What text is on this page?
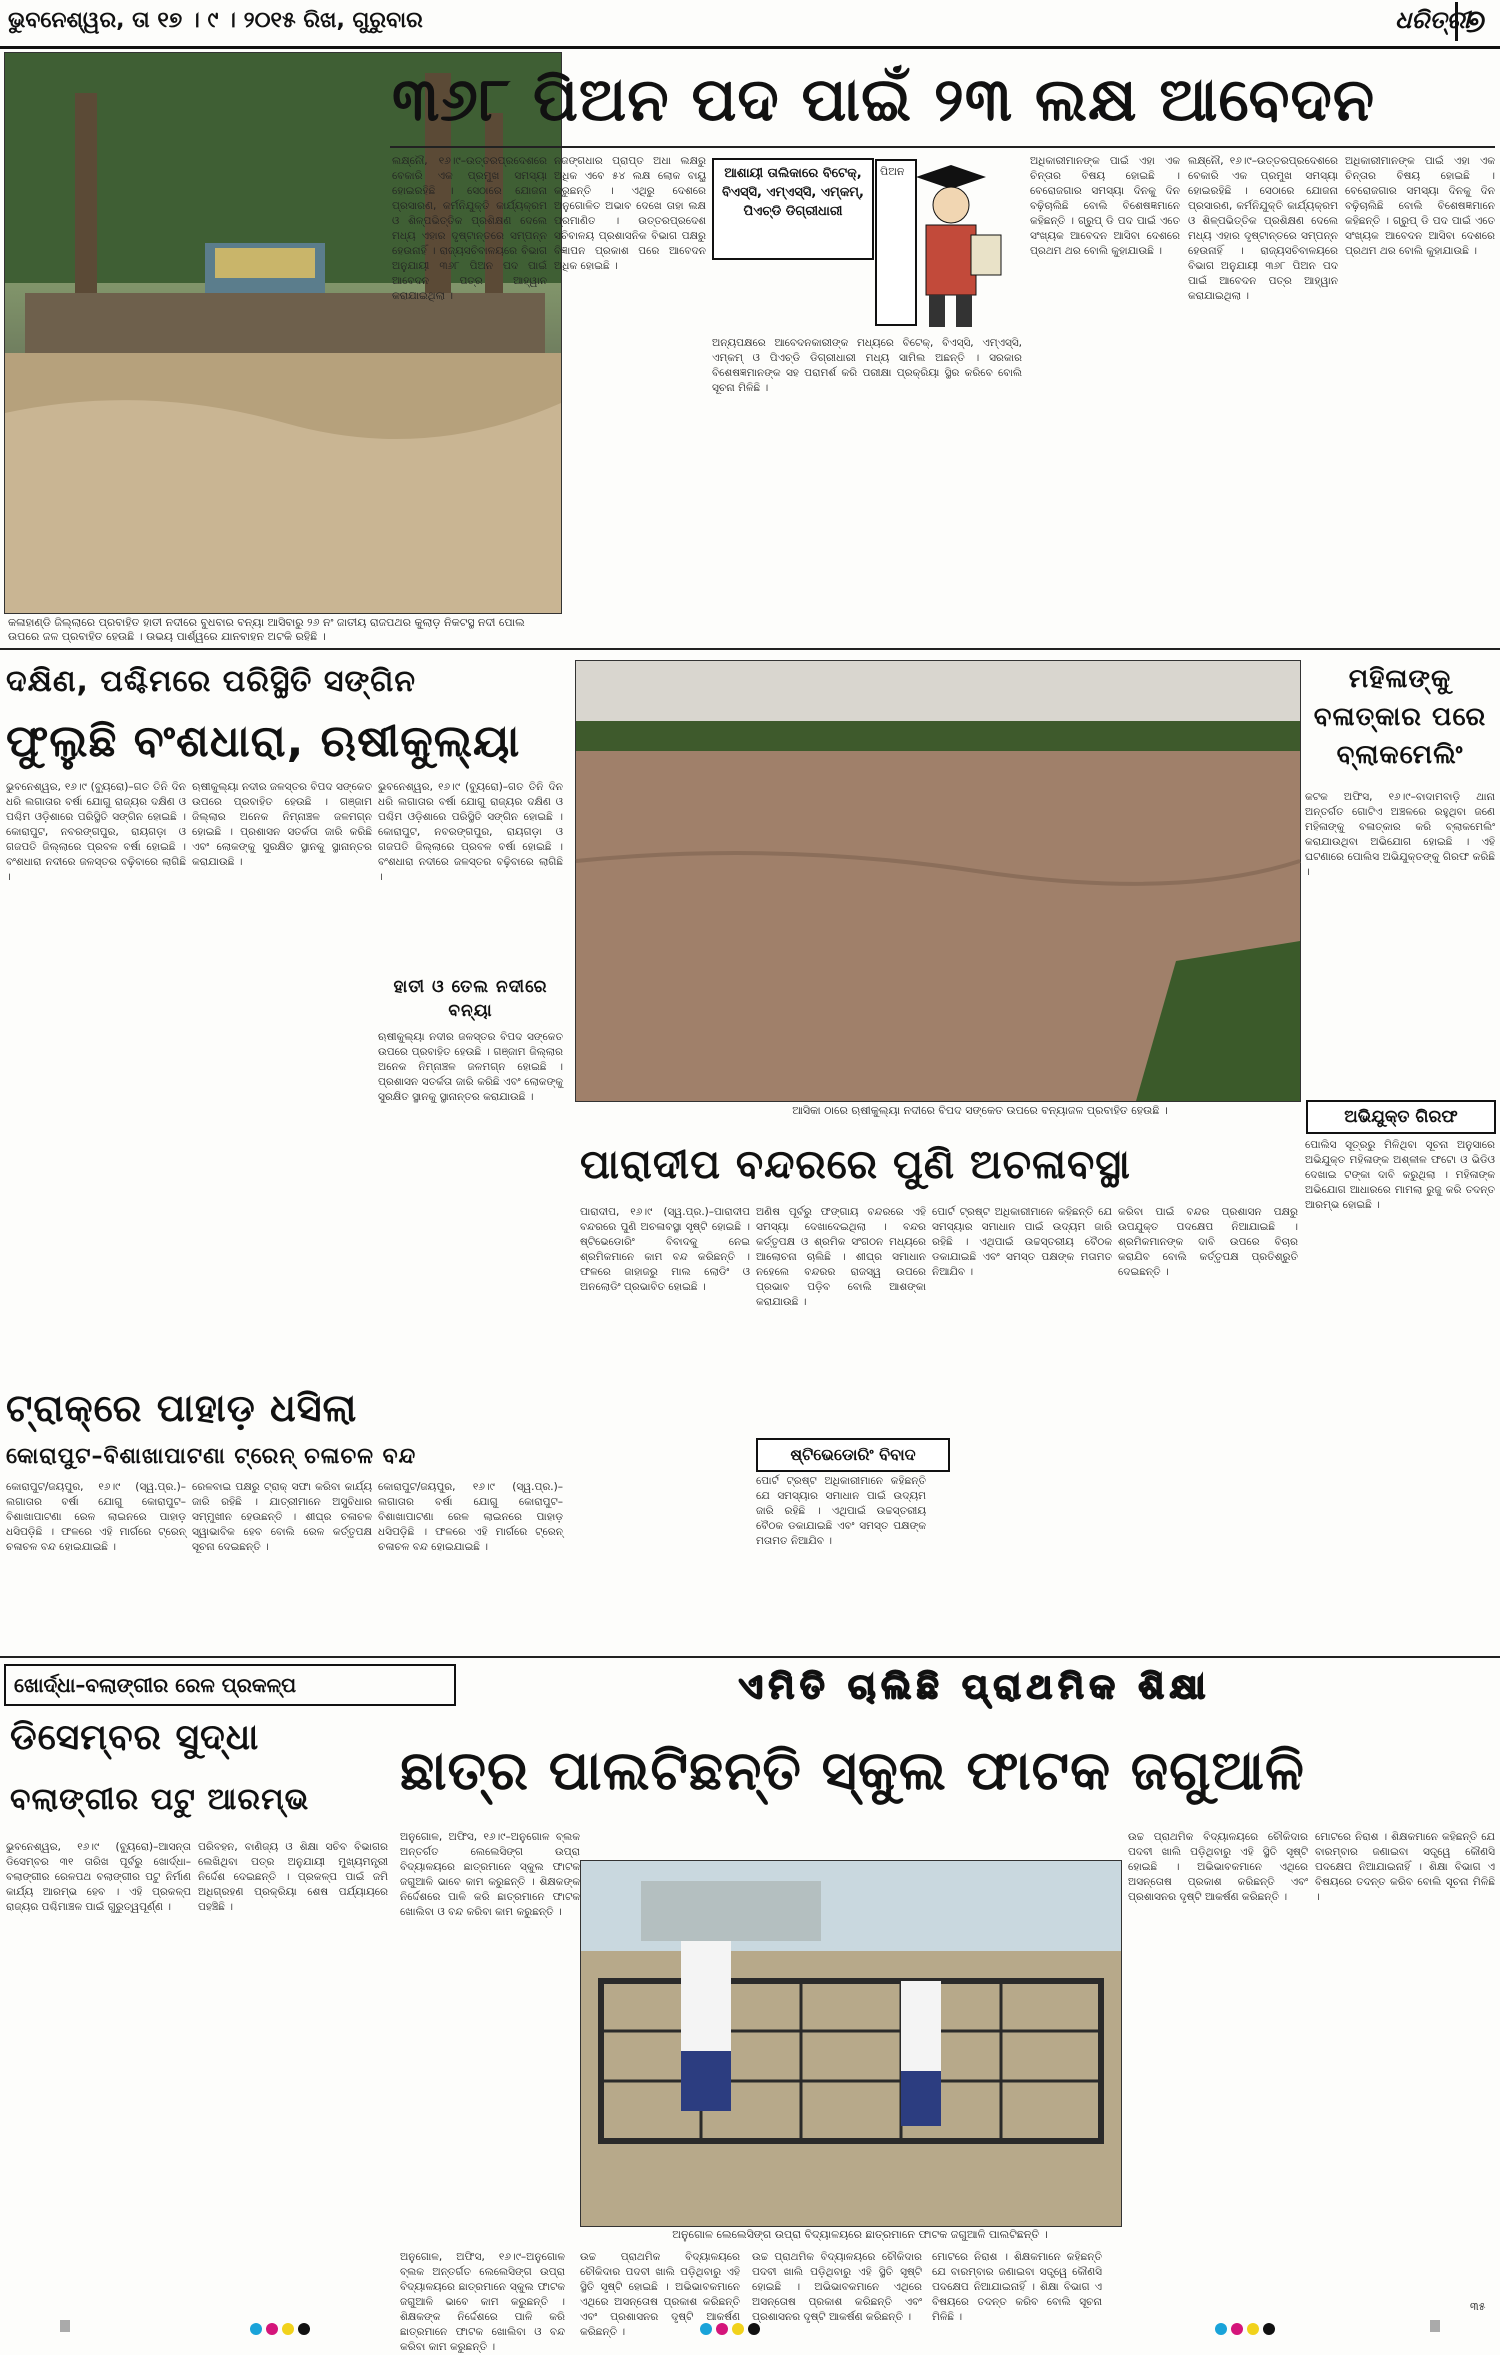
ଭୁବନେଶ୍ୱର, ତା ୧୭ । ୯ । ୨୦୧୫ ରିଖ, ଗୁରୁବାର	ଧରିତ୍ରୀ
୭
କଳାହାଣ୍ଡି ଜିଲ୍ଲାରେ ପ୍ରବାହିତ ହାତୀ ନଦୀରେ ବୁଧବାର ବନ୍ୟା ଆସିବାରୁ ୨୬ ନଂ ଜାତୀୟ ରାଜପଥର କୁଲାଡ଼ ନିକଟସ୍ଥ ନଦୀ ପୋଲ ଉପରେ ଜଳ ପ୍ରବାହିତ ହେଉଛି । ଉଭୟ ପାର୍ଶ୍ୱରେ ଯାନବାହନ ଅଟକି ରହିଛି ।
୩୬୮ ପିଅନ ପଦ ପାଇଁ ୨୩ ଲକ୍ଷ ଆବେଦନ
ଲକ୍ଷ୍ନୌ, ୧୬।୯–ଉତ୍ତରପ୍ରଦେଶରେ ବେକାରି ଏକ ପ୍ରମୁଖ ସମସ୍ୟା ହୋଇରହିଛି । ସେଠାରେ ଯୋଜନା ପ୍ରସାରଣ, କର୍ମନିଯୁକ୍ତି କାର୍ଯ୍ୟକ୍ରମ ଓ ଶିଳ୍ପଭିତ୍ତିକ ପ୍ରଶିକ୍ଷଣ ଦେଲେ ମଧ୍ୟ ଏହାର ଦୃଷ୍ଟାନ୍ତରେ ସମ୍ପନ୍ନ ହେଉନାହିଁ । ରାଜ୍ୟସଚିବାଳୟରେ ବିଭାଗ ଅନୁଯାୟୀ ୩୬୮ ପିଅନ ପଦ ପାଇଁ ଆବେଦନ ପତ୍ର ଆହ୍ୱାନ କରାଯାଇଥିଲା ।
ନଜଙ୍ଗଧାର ପ୍ରାପ୍ତ ଅଧା ଲକ୍ଷରୁ ଅଧିକ ଏବେ ୫୪ ଲକ୍ଷ ଲୋକ ବାୟୁ କରୁଛନ୍ତି । ଏଥିରୁ ଦେଶରେ ଅନୁଗୋଳିତ ଅଭାବ ଦେଖେ ତାହା ଲକ୍ଷ ପ୍ରମାଣିତ । ଉତ୍ତରପ୍ରଦେଶ ସଚିବାଳୟ ପ୍ରଶାସନିକ ବିଭାଗ ପକ୍ଷରୁ ବିଜ୍ଞାପନ ପ୍ରକାଶ ପରେ ଆବେଦନ ଅଧିକ ହୋଇଛି ।
ଆଶାୟୀ ତାଲିକାରେ ବିଟେକ୍, ବିଏସ୍‌ସି, ଏମ୍‌ଏସ୍‌ସି, ଏମ୍‌କମ୍, ପିଏଚ୍‌ଡି ଡିଗ୍ରୀଧାରୀ
ପିଅନ
ଅନ୍ୟପକ୍ଷରେ ଆବେଦନକାରୀଙ୍କ ମଧ୍ୟରେ ବିଟେକ୍, ବିଏସ୍‌ସି, ଏମ୍‌ଏସ୍‌ସି, ଏମ୍‌କମ୍ ଓ ପିଏଚ୍‌ଡି ଡିଗ୍ରୀଧାରୀ ମଧ୍ୟ ସାମିଲ ଅଛନ୍ତି । ସରକାର ବିଶେଷଜ୍ଞମାନଙ୍କ ସହ ପରାମର୍ଶ କରି ପରୀକ୍ଷା ପ୍ରକ୍ରିୟା ସ୍ଥିର କରିବେ ବୋଲି ସୂଚନା ମିଳିଛି ।
ଅଧିକାରୀମାନଙ୍କ ପାଇଁ ଏହା ଏକ ଚିନ୍ତାର ବିଷୟ ହୋଇଛି । ବେରୋଜଗାର ସମସ୍ୟା ଦିନକୁ ଦିନ ବଢ଼ିଚାଲିଛି ବୋଲି ବିଶେଷଜ୍ଞମାନେ କହିଛନ୍ତି । ଗ୍ରୁପ୍ ଡି ପଦ ପାଇଁ ଏତେ ସଂଖ୍ୟକ ଆବେଦନ ଆସିବା ଦେଶରେ ପ୍ରଥମ ଥର ବୋଲି କୁହାଯାଉଛି ।
ଲକ୍ଷ୍ନୌ, ୧୬।୯–ଉତ୍ତରପ୍ରଦେଶରେ ବେକାରି ଏକ ପ୍ରମୁଖ ସମସ୍ୟା ହୋଇରହିଛି । ସେଠାରେ ଯୋଜନା ପ୍ରସାରଣ, କର୍ମନିଯୁକ୍ତି କାର୍ଯ୍ୟକ୍ରମ ଓ ଶିଳ୍ପଭିତ୍ତିକ ପ୍ରଶିକ୍ଷଣ ଦେଲେ ମଧ୍ୟ ଏହାର ଦୃଷ୍ଟାନ୍ତରେ ସମ୍ପନ୍ନ ହେଉନାହିଁ । ରାଜ୍ୟସଚିବାଳୟରେ ବିଭାଗ ଅନୁଯାୟୀ ୩୬୮ ପିଅନ ପଦ ପାଇଁ ଆବେଦନ ପତ୍ର ଆହ୍ୱାନ କରାଯାଇଥିଲା ।
ଅଧିକାରୀମାନଙ୍କ ପାଇଁ ଏହା ଏକ ଚିନ୍ତାର ବିଷୟ ହୋଇଛି । ବେରୋଜଗାର ସମସ୍ୟା ଦିନକୁ ଦିନ ବଢ଼ିଚାଲିଛି ବୋଲି ବିଶେଷଜ୍ଞମାନେ କହିଛନ୍ତି । ଗ୍ରୁପ୍ ଡି ପଦ ପାଇଁ ଏତେ ସଂଖ୍ୟକ ଆବେଦନ ଆସିବା ଦେଶରେ ପ୍ରଥମ ଥର ବୋଲି କୁହାଯାଉଛି ।
ଦକ୍ଷିଣ, ପଶ୍ଚିମରେ ପରିସ୍ଥିତି ସଙ୍ଗିନ
ଫୁଲୁଛି ବଂଶଧାରା, ଋଷୀକୁଲ୍ୟା
ଭୁବନେଶ୍ୱର, ୧୬।୯ (ବ୍ୟୁରୋ)–ଗତ ତିନି ଦିନ ଧରି ଲଗାତାର ବର୍ଷା ଯୋଗୁ ରାଜ୍ୟର ଦକ୍ଷିଣ ଓ ପଶ୍ଚିମ ଓଡ଼ିଶାରେ ପରିସ୍ଥିତି ସଙ୍ଗିନ ହୋଇଛି । କୋରାପୁଟ, ନବରଙ୍ଗପୁର, ରାୟଗଡ଼ା ଓ ଗଜପତି ଜିଲ୍ଲାରେ ପ୍ରବଳ ବର୍ଷା ହୋଇଛି । ବଂଶଧାରା ନଦୀରେ ଜଳସ୍ତର ବଢ଼ିବାରେ ଲାଗିଛି ।
ଋଷୀକୁଲ୍ୟା ନଦୀର ଜଳସ୍ତର ବିପଦ ସଙ୍କେତ ଉପରେ ପ୍ରବାହିତ ହେଉଛି । ଗଞ୍ଜାମ ଜିଲ୍ଲାର ଅନେକ ନିମ୍ନାଞ୍ଚଳ ଜଳମଗ୍ନ ହୋଇଛି । ପ୍ରଶାସନ ସତର୍କତା ଜାରି କରିଛି ଏବଂ ଲୋକଙ୍କୁ ସୁରକ୍ଷିତ ସ୍ଥାନକୁ ସ୍ଥାନାନ୍ତର କରାଯାଉଛି ।
ଭୁବନେଶ୍ୱର, ୧୬।୯ (ବ୍ୟୁରୋ)–ଗତ ତିନି ଦିନ ଧରି ଲଗାତାର ବର୍ଷା ଯୋଗୁ ରାଜ୍ୟର ଦକ୍ଷିଣ ଓ ପଶ୍ଚିମ ଓଡ଼ିଶାରେ ପରିସ୍ଥିତି ସଙ୍ଗିନ ହୋଇଛି । କୋରାପୁଟ, ନବରଙ୍ଗପୁର, ରାୟଗଡ଼ା ଓ ଗଜପତି ଜିଲ୍ଲାରେ ପ୍ରବଳ ବର୍ଷା ହୋଇଛି । ବଂଶଧାରା ନଦୀରେ ଜଳସ୍ତର ବଢ଼ିବାରେ ଲାଗିଛି ।
ହାତୀ ଓ ତେଲ ନଦୀରେ ବନ୍ୟା
ଋଷୀକୁଲ୍ୟା ନଦୀର ଜଳସ୍ତର ବିପଦ ସଙ୍କେତ ଉପରେ ପ୍ରବାହିତ ହେଉଛି । ଗଞ୍ଜାମ ଜିଲ୍ଲାର ଅନେକ ନିମ୍ନାଞ୍ଚଳ ଜଳମଗ୍ନ ହୋଇଛି । ପ୍ରଶାସନ ସତର୍କତା ଜାରି କରିଛି ଏବଂ ଲୋକଙ୍କୁ ସୁରକ୍ଷିତ ସ୍ଥାନକୁ ସ୍ଥାନାନ୍ତର କରାଯାଉଛି ।
ଆସିକା ଠାରେ ଋଷୀକୁଲ୍ୟା ନଦୀରେ ବିପଦ ସଙ୍କେତ ଉପରେ ବନ୍ୟାଜଳ ପ୍ରବାହିତ ହେଉଛି ।
ମହିଳାଙ୍କୁ ବଳାତ୍କାର ପରେ ବ୍ଲାକମେଲିଂ
କଟକ ଅଫିସ, ୧୬।୯–ବାଦାମବାଡ଼ି ଥାନା ଅନ୍ତର୍ଗତ ଗୋଟିଏ ଅଞ୍ଚଳରେ ରହୁଥିବା ଜଣେ ମହିଳାଙ୍କୁ ବଳାତ୍କାର କରି ବ୍ଲାକମେଲିଂ କରାଯାଉଥିବା ଅଭିଯୋଗ ହୋଇଛି । ଏହି ଘଟଣାରେ ପୋଲିସ ଅଭିଯୁକ୍ତଙ୍କୁ ଗିରଫ କରିଛି ।
ଅଭିଯୁକ୍ତ ଗିରଫ
ପୋଲିସ ସୂତ୍ରରୁ ମିଳିଥିବା ସୂଚନା ଅନୁସାରେ ଅଭିଯୁକ୍ତ ମହିଳାଙ୍କ ଅଶ୍ଳୀଳ ଫଟୋ ଓ ଭିଡିଓ ଦେଖାଇ ଟଙ୍କା ଦାବି କରୁଥିଲା । ମହିଳାଙ୍କ ଅଭିଯୋଗ ଆଧାରରେ ମାମଲା ରୁଜୁ କରି ତଦନ୍ତ ଆରମ୍ଭ ହୋଇଛି ।
ପାରାଦୀପ ବନ୍ଦରରେ ପୁଣି ଅଚଳାବସ୍ଥା
ପାରାଦୀପ, ୧୬।୯ (ସ୍ୱ.ପ୍ର.)–ପାରାଦୀପ ବନ୍ଦରରେ ପୁଣି ଅଚଳାବସ୍ଥା ସୃଷ୍ଟି ହୋଇଛି । ଷ୍ଟିଭେଡୋରିଂ ବିବାଦକୁ ନେଇ ଶ୍ରମିକମାନେ କାମ ବନ୍ଦ କରିଛନ୍ତି । ଫଳରେ ଜାହାଜରୁ ମାଲ ଲୋଡିଂ ଓ ଅନଲୋଡିଂ ପ୍ରଭାବିତ ହୋଇଛି ।
ଅଣିଷ ପୂର୍ବରୁ ଫଙ୍ଗାୟ ବନ୍ଦରରେ ଏହି ସମସ୍ୟା ଦେଖାଦେଇଥିଲା । ବନ୍ଦର କର୍ତ୍ତୃପକ୍ଷ ଓ ଶ୍ରମିକ ସଂଗଠନ ମଧ୍ୟରେ ଆଲୋଚନା ଚାଲିଛି । ଶୀଘ୍ର ସମାଧାନ ନହେଲେ ବନ୍ଦରର ରାଜସ୍ୱ ଉପରେ ପ୍ରଭାବ ପଡ଼ିବ ବୋଲି ଆଶଙ୍କା କରାଯାଉଛି ।
ଷ୍ଟିଭେଡୋରିଂ ବିବାଦ
ପୋର୍ଟ ଟ୍ରଷ୍ଟ ଅଧିକାରୀମାନେ କହିଛନ୍ତି ଯେ ସମସ୍ୟାର ସମାଧାନ ପାଇଁ ଉଦ୍ୟମ ଜାରି ରହିଛି । ଏଥିପାଇଁ ଉଚ୍ଚସ୍ତରୀୟ ବୈଠକ ଡକାଯାଇଛି ଏବଂ ସମସ୍ତ ପକ୍ଷଙ୍କ ମତାମତ ନିଆଯିବ ।
ପୋର୍ଟ ଟ୍ରଷ୍ଟ ଅଧିକାରୀମାନେ କହିଛନ୍ତି ଯେ ସମସ୍ୟାର ସମାଧାନ ପାଇଁ ଉଦ୍ୟମ ଜାରି ରହିଛି । ଏଥିପାଇଁ ଉଚ୍ଚସ୍ତରୀୟ ବୈଠକ ଡକାଯାଇଛି ଏବଂ ସମସ୍ତ ପକ୍ଷଙ୍କ ମତାମତ ନିଆଯିବ ।
କରିବା ପାଇଁ ବନ୍ଦର ପ୍ରଶାସନ ପକ୍ଷରୁ ଉପଯୁକ୍ତ ପଦକ୍ଷେପ ନିଆଯାଇଛି । ଶ୍ରମିକମାନଙ୍କ ଦାବି ଉପରେ ବିଚାର କରାଯିବ ବୋଲି କର୍ତ୍ତୃପକ୍ଷ ପ୍ରତିଶ୍ରୁତି ଦେଇଛନ୍ତି ।
ଟ୍ରାକ୍‌ରେ ପାହାଡ଼ ଧସିଲା
କୋରାପୁଟ–ବିଶାଖାପାଟଣା ଟ୍ରେନ୍ ଚଳାଚଳ ବନ୍ଦ
କୋରାପୁଟ/ଜୟପୁର, ୧୬।୯ (ସ୍ୱ.ପ୍ର.)–ଲଗାତାର ବର୍ଷା ଯୋଗୁ କୋରାପୁଟ–ବିଶାଖାପାଟଣା ରେଳ ଲାଇନରେ ପାହାଡ଼ ଧସିପଡ଼ିଛି । ଫଳରେ ଏହି ମାର୍ଗରେ ଟ୍ରେନ୍ ଚଳାଚଳ ବନ୍ଦ ହୋଇଯାଇଛି ।
ରେଳବାଇ ପକ୍ଷରୁ ଟ୍ରାକ୍ ସଫା କରିବା କାର୍ଯ୍ୟ ଜାରି ରହିଛି । ଯାତ୍ରୀମାନେ ଅସୁବିଧାର ସମ୍ମୁଖୀନ ହେଉଛନ୍ତି । ଶୀଘ୍ର ଚଳାଚଳ ସ୍ୱାଭାବିକ ହେବ ବୋଲି ରେଳ କର୍ତ୍ତୃପକ୍ଷ ସୂଚନା ଦେଇଛନ୍ତି ।
କୋରାପୁଟ/ଜୟପୁର, ୧୬।୯ (ସ୍ୱ.ପ୍ର.)–ଲଗାତାର ବର୍ଷା ଯୋଗୁ କୋରାପୁଟ–ବିଶାଖାପାଟଣା ରେଳ ଲାଇନରେ ପାହାଡ଼ ଧସିପଡ଼ିଛି । ଫଳରେ ଏହି ମାର୍ଗରେ ଟ୍ରେନ୍ ଚଳାଚଳ ବନ୍ଦ ହୋଇଯାଇଛି ।
ଖୋର୍ଦ୍ଧା–ବଲାଙ୍ଗୀର ରେଳ ପ୍ରକଳ୍ପ
ଡିସେମ୍ବର ସୁଦ୍ଧା
ବଲାଙ୍ଗୀର ପଟୁ ଆରମ୍ଭ
ଭୁବନେଶ୍ୱର, ୧୬।୯ (ବ୍ୟୁରୋ)–ଆସନ୍ତା ଡିସେମ୍ବର ୩୧ ତାରିଖ ପୂର୍ବରୁ ଖୋର୍ଦ୍ଧା–ବଲାଙ୍ଗୀର ରେଳପଥ ବଲାଙ୍ଗୀର ପଟୁ ନିର୍ମାଣ କାର୍ଯ୍ୟ ଆରମ୍ଭ ହେବ । ଏହି ପ୍ରକଳ୍ପ ରାଜ୍ୟର ପଶ୍ଚିମାଞ୍ଚଳ ପାଇଁ ଗୁରୁତ୍ୱପୂର୍ଣ୍ଣ ।
ପରିବହନ, ବାଣିଜ୍ୟ ଓ ଶିକ୍ଷା ସଚିବ ବିଭାଗର ଲେଖିଥିବା ପତ୍ର ଅନୁଯାୟୀ ମୁଖ୍ୟମନ୍ତ୍ରୀ ନିର୍ଦ୍ଦେଶ ଦେଇଛନ୍ତି । ପ୍ରକଳ୍ପ ପାଇଁ ଜମି ଅଧିଗ୍ରହଣ ପ୍ରକ୍ରିୟା ଶେଷ ପର୍ଯ୍ୟାୟରେ ପହଞ୍ଚିଛି ।
ଏମିତି ଚାଲିଛି ପ୍ରାଥମିକ ଶିକ୍ଷା
ଛାତ୍ର ପାଲଟିଛନ୍ତି ସ୍କୁଲ ଫାଟକ ଜଗୁଆଳି
ଅନୁଗୋଳ, ଅଫିସ, ୧୬।୯–ଅନୁଗୋଳ ବ୍ଲକ ଅନ୍ତର୍ଗତ ଲେଲେସିଙ୍ଗ ଉପ୍ରା ବିଦ୍ୟାଳୟରେ ଛାତ୍ରମାନେ ସ୍କୁଲ ଫାଟକ ଜଗୁଆଳି ଭାବେ କାମ କରୁଛନ୍ତି । ଶିକ୍ଷକଙ୍କ ନିର୍ଦ୍ଦେଶରେ ପାଳି କରି ଛାତ୍ରମାନେ ଫାଟକ ଖୋଲିବା ଓ ବନ୍ଦ କରିବା କାମ କରୁଛନ୍ତି ।
ଅନୁଗୋଳ ଲେଲେସିଙ୍ଗ ଉପ୍ରା ବିଦ୍ୟାଳୟରେ ଛାତ୍ରମାନେ ଫାଟକ ଜଗୁଆଳି ପାଲଟିଛନ୍ତି ।
ଅନୁଗୋଳ, ଅଫିସ, ୧୬।୯–ଅନୁଗୋଳ ବ୍ଲକ ଅନ୍ତର୍ଗତ ଲେଲେସିଙ୍ଗ ଉପ୍ରା ବିଦ୍ୟାଳୟରେ ଛାତ୍ରମାନେ ସ୍କୁଲ ଫାଟକ ଜଗୁଆଳି ଭାବେ କାମ କରୁଛନ୍ତି । ଶିକ୍ଷକଙ୍କ ନିର୍ଦ୍ଦେଶରେ ପାଳି କରି ଛାତ୍ରମାନେ ଫାଟକ ଖୋଲିବା ଓ ବନ୍ଦ କରିବା କାମ କରୁଛନ୍ତି ।
ଉଚ୍ଚ ପ୍ରାଥମିକ ବିଦ୍ୟାଳୟରେ ଚୌକିଦାର ପଦବୀ ଖାଲି ପଡ଼ିଥିବାରୁ ଏହି ସ୍ଥିତି ସୃଷ୍ଟି ହୋଇଛି । ଅଭିଭାବକମାନେ ଏଥିରେ ଅସନ୍ତୋଷ ପ୍ରକାଶ କରିଛନ୍ତି ଏବଂ ପ୍ରଶାସନର ଦୃଷ୍ଟି ଆକର୍ଷଣ କରିଛନ୍ତି ।
ଉଚ୍ଚ ପ୍ରାଥମିକ ବିଦ୍ୟାଳୟରେ ଚୌକିଦାର ପଦବୀ ଖାଲି ପଡ଼ିଥିବାରୁ ଏହି ସ୍ଥିତି ସୃଷ୍ଟି ହୋଇଛି । ଅଭିଭାବକମାନେ ଏଥିରେ ଅସନ୍ତୋଷ ପ୍ରକାଶ କରିଛନ୍ତି ଏବଂ ପ୍ରଶାସନର ଦୃଷ୍ଟି ଆକର୍ଷଣ କରିଛନ୍ତି ।
ମୋଟରେ ନିରାଶ । ଶିକ୍ଷକମାନେ କହିଛନ୍ତି ଯେ ବାରମ୍ବାର ଜଣାଇବା ସତ୍ତ୍ୱେ କୌଣସି ପଦକ୍ଷେପ ନିଆଯାଇନାହିଁ । ଶିକ୍ଷା ବିଭାଗ ଏ ବିଷୟରେ ତଦନ୍ତ କରିବ ବୋଲି ସୂଚନା ମିଳିଛି ।
ଉଚ୍ଚ ପ୍ରାଥମିକ ବିଦ୍ୟାଳୟରେ ଚୌକିଦାର ପଦବୀ ଖାଲି ପଡ଼ିଥିବାରୁ ଏହି ସ୍ଥିତି ସୃଷ୍ଟି ହୋଇଛି । ଅଭିଭାବକମାନେ ଏଥିରେ ଅସନ୍ତୋଷ ପ୍ରକାଶ କରିଛନ୍ତି ଏବଂ ପ୍ରଶାସନର ଦୃଷ୍ଟି ଆକର୍ଷଣ କରିଛନ୍ତି ।
ମୋଟରେ ନିରାଶ । ଶିକ୍ଷକମାନେ କହିଛନ୍ତି ଯେ ବାରମ୍ବାର ଜଣାଇବା ସତ୍ତ୍ୱେ କୌଣସି ପଦକ୍ଷେପ ନିଆଯାଇନାହିଁ । ଶିକ୍ଷା ବିଭାଗ ଏ ବିଷୟରେ ତଦନ୍ତ କରିବ ବୋଲି ସୂଚନା ମିଳିଛି ।
୩୫
